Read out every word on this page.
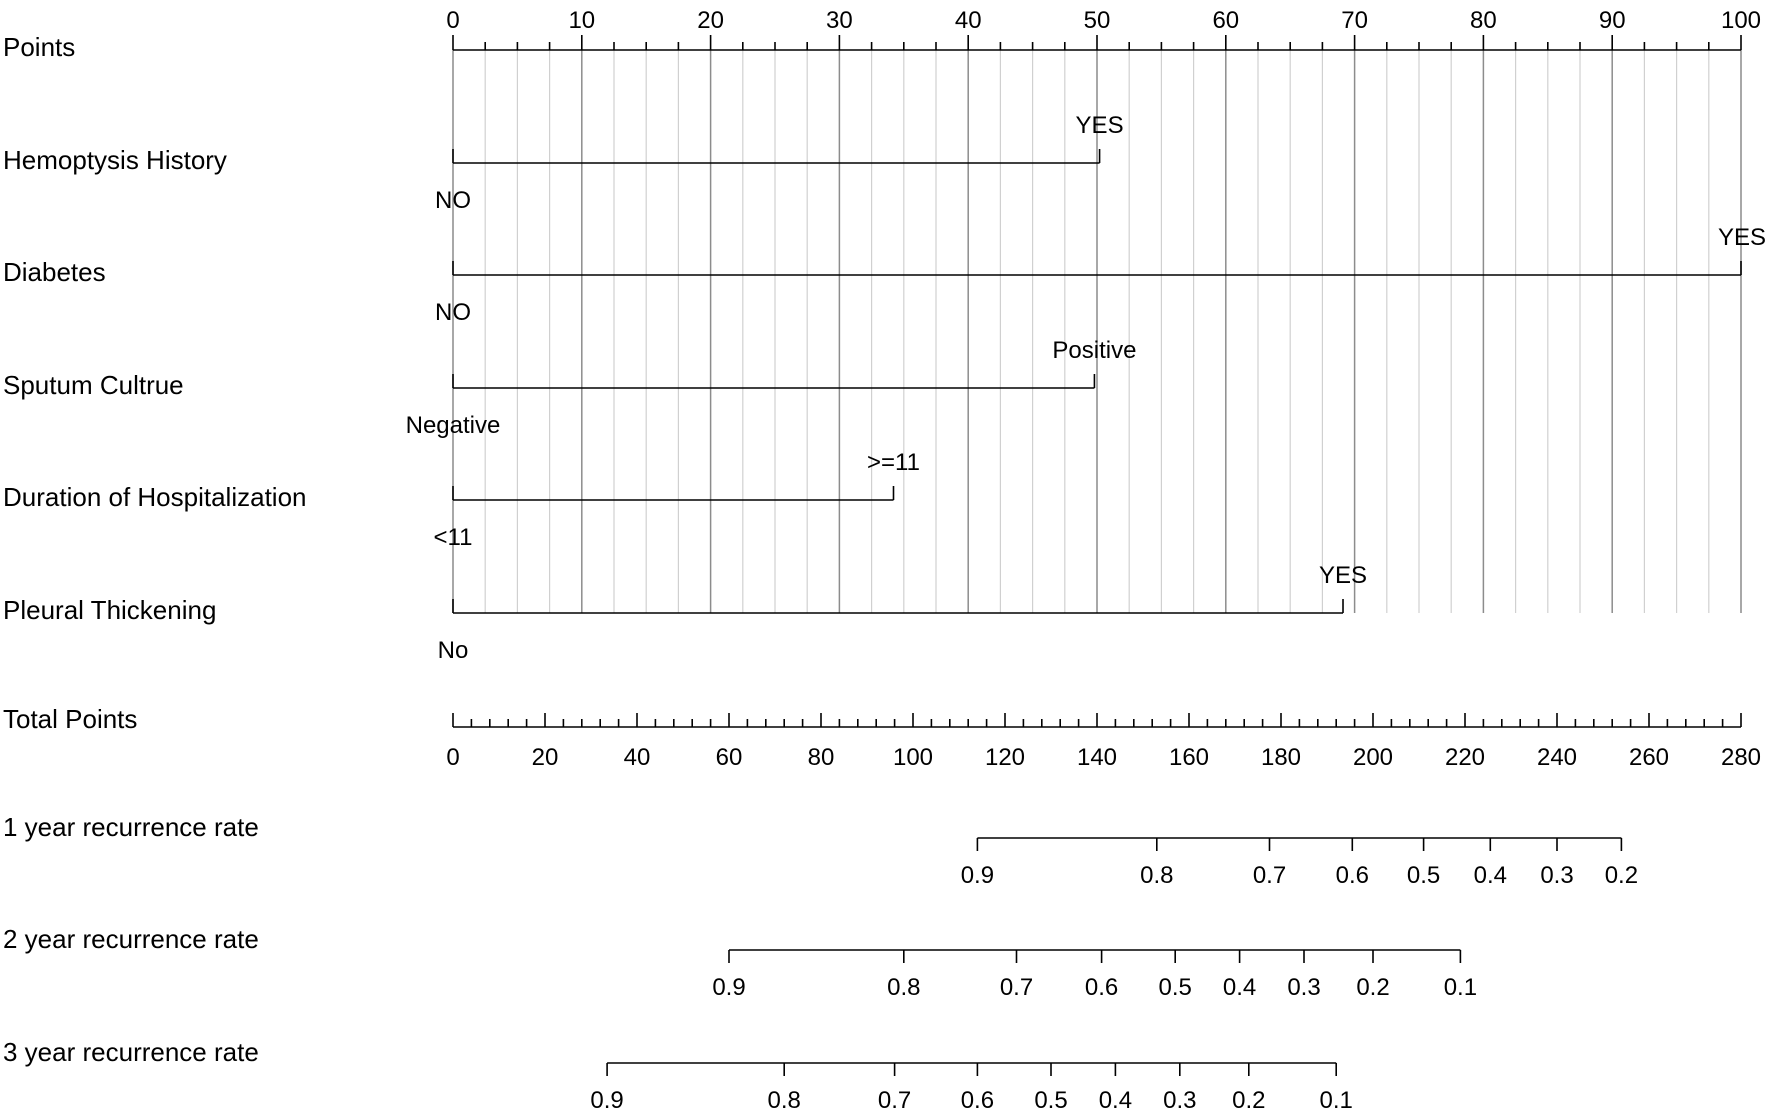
Points
0	10	20	30	40	50	60	70	80	90	100
Hemoptysis History
NO
YES
Diabetes
NO
YES
Sputum Cultrue
Negative
Positive
Duration of Hospitalization
<11
>=11
Pleural Thickening
No
YES
Total Points
0	20	40	60	80 100 120 140 160 180 200 220 240 260 280
1 year recurrence rate
0.9	0.8	0.7 0.6 0.5 0.4 0.3 0.2
2 year recurrence rate
0.9	0.8	0.7 0.6 0.5 0.4 0.3 0.2 0.1
3 year recurrence rate
0.9	0.8	0.7 0.6 0.5 0.4 0.3 0.2 0.1
